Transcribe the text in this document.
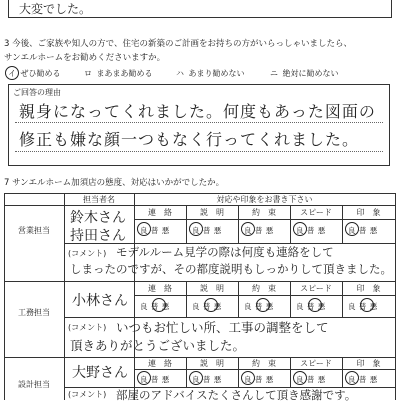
大変でした。
3 今後、ご家族や知人の方で、住宅の新築のご計画をお持ちの方がいらっしゃいましたら、
サンエルホームをお勧めくださいますか。
イ ぜひ勧める	ロ まあまあ勧める	ハ あまり勧めない	ニ 絶対に勧めない
ご回答の理由
親身になってくれました。何度もあった図面の
修正も嫌な顔一つもなく行ってくれました。
7 サンエルホーム加須店の態度、対応はいかがでしたか。
担当者名	対応や印象をお書き下さい
営業担当
鈴木さん
持田さん
連　絡	説　明	約　束	スピード	印　象
良 普 悪	良 普 悪	良 普 悪	良 普 悪	良 普 悪
(コメント) モデルルーム見学の際は何度も連絡をして
しまったのですが、その都度説明もしっかりして頂きました。
工務担当
小林さん
連　絡	説　明	約　束	スピード	印　象
良 普 悪	良 普 悪	良 普 悪	良 普 悪	良 普 悪
(コメント) いつもお忙しい所、工事の調整をして
頂きありがとうございました。
設計担当
大野さん
連　絡	説　明	約　束	スピード	印　象
良 普 悪	良 普 悪	良 普 悪	良 普 悪	良 普 悪
(コメント) 部屋のアドバイスたくさんして頂き感謝です。
